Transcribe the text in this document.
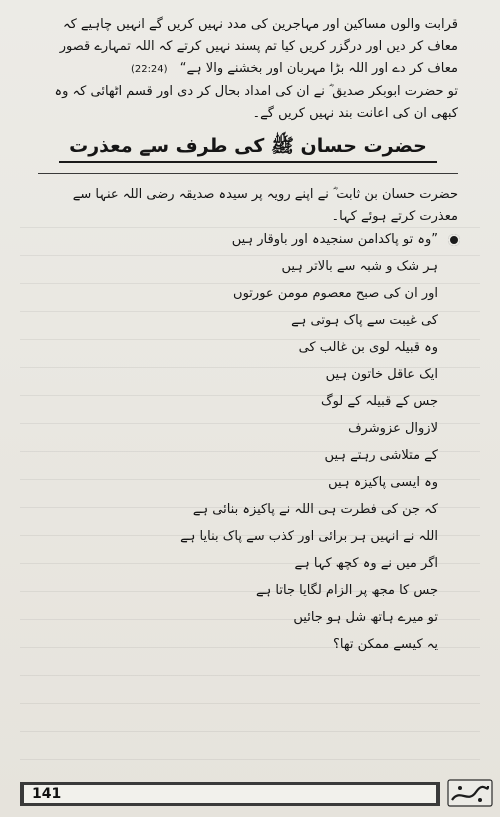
قرابت والوں مساکین اور مہاجرین کی مدد نہیں کریں گے انہیں چاہیے کہ معاف کر دیں اور درگزر کریں کیا تم پسند نہیں کرتے کہ اللہ تمہارے قصور معاف کر دے اور اللہ بڑا مہربان اور بخشنے والا ہے“ (22:24)

تو حضرت ابوبکر صدیق ؓ نے ان کی امداد بحال کر دی اور قسم اٹھائی کہ وہ کبھی ان کی اعانت بند نہیں کریں گے۔

حضرت حسان ﷺ کی طرف سے معذرت

حضرت حسان بن ثابت ؓ نے اپنے رویہ پر سیدہ صدیقہ رضی اللہ عنہا سے معذرت کرتے ہوئے کہا۔

”وہ تو پاکدامن سنجیدہ اور باوقار ہیں
ہر شک و شبہ سے بالاتر ہیں
اور ان کی صبح معصوم مومن عورتوں
کی غیبت سے پاک ہوتی ہے
وہ قبیلہ لوی بن غالب کی
ایک عاقل خاتون ہیں
جس کے قبیلہ کے لوگ
لازوال عزوشرف
کے متلاشی رہتے ہیں
وہ ایسی پاکیزہ ہیں
کہ جن کی فطرت ہی اللہ نے پاکیزہ بنائی ہے
اللہ نے انہیں ہر برائی اور کذب سے پاک بنایا ہے
اگر میں نے وہ کچھ کہا ہے
جس کا مجھ پر الزام لگایا جاتا ہے
تو میرے ہاتھ شل ہو جائیں
یہ کیسے ممکن تھا؟
141
